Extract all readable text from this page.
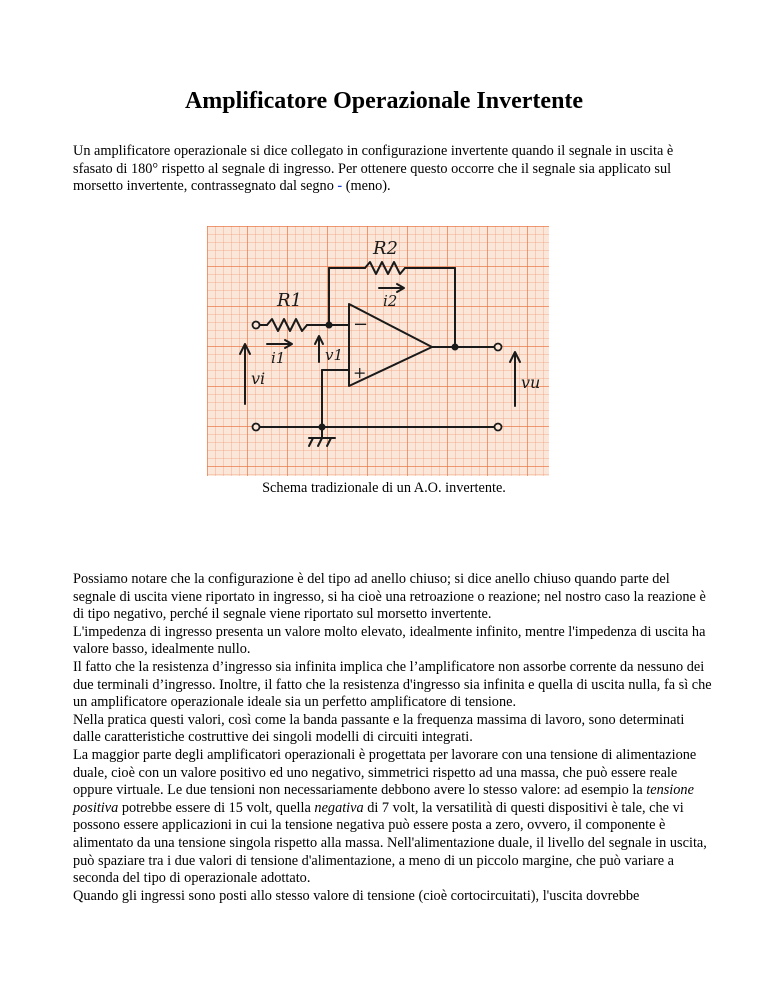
Amplificatore Operazionale Invertente

Un amplificatore operazionale si dice collegato in configurazione invertente quando il segnale in uscita è sfasato di 180° rispetto al segnale di ingresso. Per ottenere questo occorre che il segnale sia applicato sul morsetto invertente, contrassegnato dal segno - (meno).

R1
R2
i1
i2
v1
vi	vu
−
+
Schema tradizionale di un A.O. invertente.

Possiamo notare che la configurazione è del tipo ad anello chiuso; si dice anello chiuso quando parte del segnale di uscita viene riportato in ingresso, si ha cioè una retroazione o reazione; nel nostro caso la reazione è di tipo negativo, perché il segnale viene riportato sul morsetto invertente.

L'impedenza di ingresso presenta un valore molto elevato, idealmente infinito, mentre l'impedenza di uscita ha valore basso, idealmente nullo.

Il fatto che la resistenza d’ingresso sia infinita implica che l’amplificatore non assorbe corrente da nessuno dei due terminali d’ingresso. Inoltre, il fatto che la resistenza d'ingresso sia infinita e quella di uscita nulla, fa sì che un amplificatore operazionale ideale sia un perfetto amplificatore di tensione.

Nella pratica questi valori, così come la banda passante e la frequenza massima di lavoro, sono determinati dalle caratteristiche costruttive dei singoli modelli di circuiti integrati.

La maggior parte degli amplificatori operazionali è progettata per lavorare con una tensione di alimentazione duale, cioè con un valore positivo ed uno negativo, simmetrici rispetto ad una massa, che può essere reale oppure virtuale. Le due tensioni non necessariamente debbono avere lo stesso valore: ad esempio la tensione positiva potrebbe essere di 15 volt, quella negativa di 7 volt, la versatilità di questi dispositivi è tale, che vi possono essere applicazioni in cui la tensione negativa può essere posta a zero, ovvero, il componente è alimentato da una tensione singola rispetto alla massa. Nell'alimentazione duale, il livello del segnale in uscita, può spaziare tra i due valori di tensione d'alimentazione, a meno di un piccolo margine, che può variare a seconda del tipo di operazionale adottato.

Quando gli ingressi sono posti allo stesso valore di tensione (cioè cortocircuitati), l'uscita dovrebbe
